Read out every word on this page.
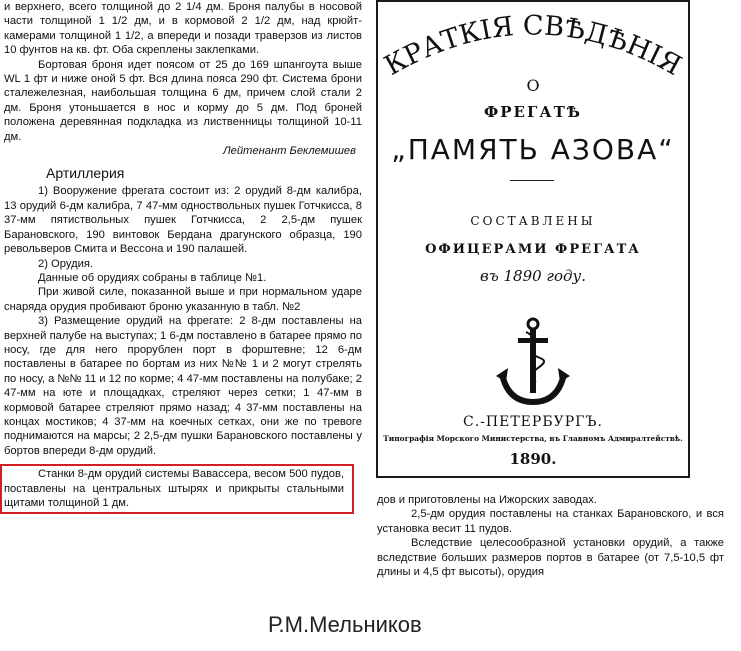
и верхнего, всего толщиной до 2 1/4 дм. Броня палубы в носовой части толщиной 1 1/2 дм, и в кормовой 2 1/2 дм, над крюйт-камерами толщиной 1 1/2, а впереди и позади траверзов из листов 10 фунтов на кв. фт. Оба скреплены заклепками.

Бортовая броня идет поясом от 25 до 169 шпангоута выше WL 1 фт и ниже оной 5 фт. Вся длина пояса 290 фт. Система брони сталежелезная, наибольшая толщина 6 дм, причем слой стали 2 дм. Броня утоньшается в нос и корму до 5 дм. Под броней положена деревянная подкладка из лиственницы толщиной 10-11 дм.

Лейтенант Беклемишев

Артиллерия

1) Вооружение фрегата состоит из: 2 орудий 8-дм калибра, 13 орудий 6-дм калибра, 7 47-мм одноствольных пушек Готчкисса, 8 37-мм пятиствольных пушек Готчкисса, 2 2,5-дм пушек Барановского, 190 винтовок Бердана драгунского образца, 190 револьверов Смита и Вессона и 190 палашей.

2) Орудия.

Данные об орудиях собраны в таблице №1.

При живой силе, показанной выше и при нормальном ударе снаряда орудия пробивают броню указанную в табл. №2

3) Размещение орудий на фрегате: 2 8-дм поставлены на верхней палубе на выступах; 1 6-дм поставлено в батарее прямо по носу, где для него прорублен порт в форштевне; 12 6-дм поставлены в батарее по бортам из них №№ 1 и 2 могут стрелять по носу, а №№ 11 и 12 по корме; 4 47-мм поставлены на полубаке; 2 47-мм на юте и площадках, стреляют через сетки; 1 47-мм в кормовой батарее стреляют прямо назад; 4 37-мм поставлены на концах мостиков; 4 37-мм на коечных сетках, они же по тревоге поднимаются на марсы; 2 2,5-дм пушки Барановского поставлены у бортов впереди 8-дм орудий.

Станки 8-дм орудий системы Вавассера, весом 500 пудов, поставлены на центральных штырях и прикрыты стальными щитами толщиной 1 дм.

КРАТКІЯ СВѢДѢНІЯ
О
ФРЕГАТѢ
„ПАМЯТЬ АЗОВА“
СОСТАВЛЕНЫ
ОФИЦЕРАМИ ФРЕГАТА
въ 1890 году.
С.-ПЕТЕРБУРГЪ.
Типографія Морского Министерства, въ Главномъ Адмиралтействѣ.
1890.

дов и приготовлены на Ижорских заводах.

2,5-дм орудия поставлены на станках Барановского, и вся установка весит 11 пудов.

Вследствие целесообразной установки орудий, а также вследствие больших размеров портов в батарее (от 7,5-10,5 фт длины и 4,5 фт высоты), орудия

Р.М.Мельников
